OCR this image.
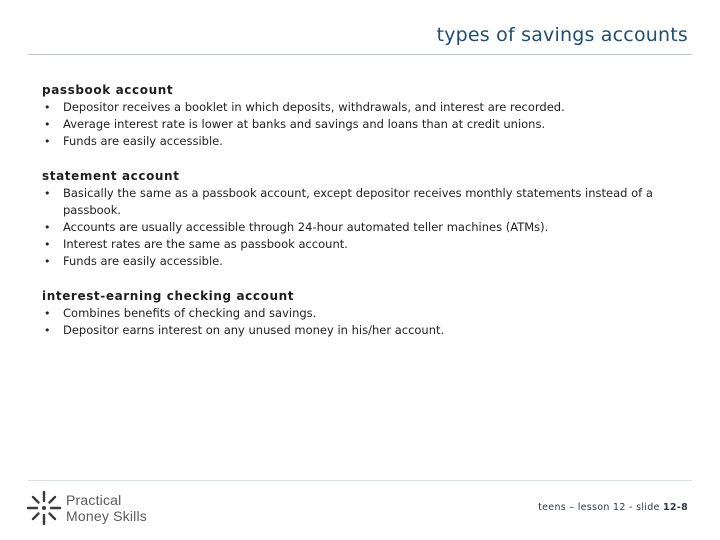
types of savings accounts
passbook account
• Depositor receives a booklet in which deposits, withdrawals, and interest are recorded.
• Average interest rate is lower at banks and savings and loans than at credit unions.
• Funds are easily accessible.
statement account
• Basically the same as a passbook account, except depositor receives monthly statements instead of a passbook.
• Accounts are usually accessible through 24-hour automated teller machines (ATMs).
• Interest rates are the same as passbook account.
• Funds are easily accessible.
interest-earning checking account
• Combines benefits of checking and savings.
• Depositor earns interest on any unused money in his/her account.
Practical
Money Skills
teens – lesson 12 - slide 12-8
